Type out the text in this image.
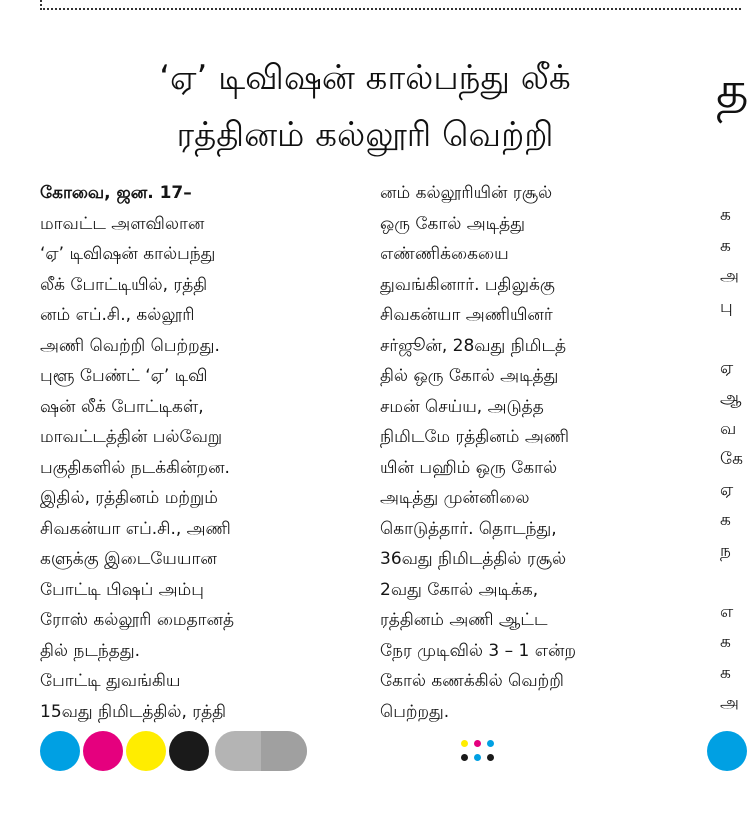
‘ஏ’ டிவிஷன் கால்பந்து லீக்
ரத்தினம் கல்லூரி வெற்றி
த
கோவை, ஜன. 17–
மாவட்ட அளவிலான
‘ஏ’ டிவிஷன் கால்பந்து
லீக் போட்டியில், ரத்தி
னம் எப்.சி., கல்லூரி
அணி வெற்றி பெற்றது.
புளூ பேண்ட் ‘ஏ’ டிவி
ஷன் லீக் போட்டிகள்,
மாவட்டத்தின் பல்வேறு
பகுதிகளில் நடக்கின்றன.
இதில், ரத்தினம் மற்றும்
சிவகன்யா எப்.சி., அணி
களுக்கு இடையேயான
போட்டி பிஷப் அம்பு
ரோஸ் கல்லூரி மைதானத்
தில் நடந்தது.
போட்டி துவங்கிய
15வது நிமிடத்தில், ரத்தி
னம் கல்லூரியின் ரசூல்
ஒரு கோல் அடித்து
எண்ணிக்கையை
துவங்கினார். பதிலுக்கு
சிவகன்யா அணியினர்
சர்ஜூன், 28வது நிமிடத்
தில் ஒரு கோல் அடித்து
சமன் செய்ய, அடுத்த
நிமிடமே ரத்தினம் அணி
யின் பஹிம் ஒரு கோல்
அடித்து முன்னிலை
கொடுத்தார். தொடந்து,
36வது நிமிடத்தில் ரசூல்
2வது கோல் அடிக்க,
ரத்தினம் அணி ஆட்ட
நேர முடிவில் 3 – 1 என்ற
கோல் கணக்கில் வெற்றி
பெற்றது.
க
க
அ
பு
ஏ
ஆ
வ
கே
ஏ
க
ந
எ
க
க
அ
